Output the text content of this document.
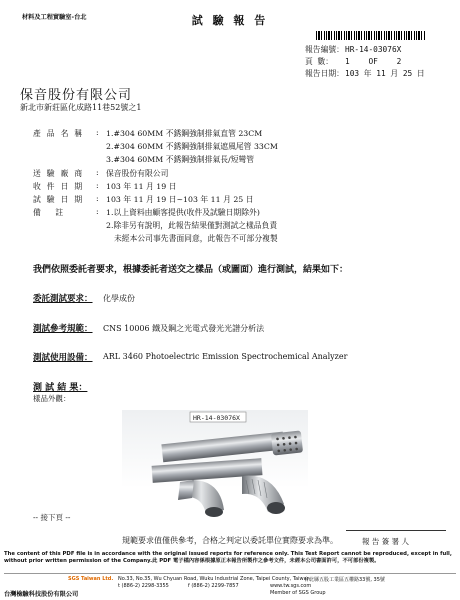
材料及工程實驗室-台北	試 驗 報 告
報告編號：HR-14-03076X
頁 數： 1    OF    2
報告日期：103 年 11 月 25 日
保音股份有限公司
新北市新莊區化成路11巷52號之1
產品名稱	: 1.#304 60MM 不銹鋼強制排氣直管 23CM
2.#304 60MM 不銹鋼強制排氣遮風尾管 33CM
3.#304 60MM 不銹鋼強制排氣長/短彎管
送驗廠商	: 保音股份有限公司
收件日期	: 103 年 11 月 19 日
試驗日期	: 103 年 11 月 19 日~103 年 11 月 25 日
備 註	: 1.以上資料由顧客提供(收件及試驗日期除外)
2.除非另有說明，此報告結果僅對測試之樣品負責
未經本公司事先書面同意，此報告不可部分複製
我們依照委託者要求，根據委託者送交之樣品（或圖面）進行測試，結果如下：
委託測試要求： 化學成份
測試參考規範： CNS 10006 鐵及鋼之光電式發光光譜分析法
測試使用設備： ARL 3460 Photoelectric Emission Spectrochemical Analyzer
測 試 結 果：
樣品外觀：
HR-14-03076X
-- 接下頁 --
規範要求值僅供參考，合格之判定以委託單位實際要求為準。	報 告 簽 署 人
The content of this PDF file is in accordance with the original issued reports for reference only. This Test Report cannot be reproduced, except in full, without prior written permission of the Company.此 PDF 電子檔內容係根據原正本報告所製作之參考文件，未經本公司書面許可，不可部份複製。
SGS Taiwan Ltd. No.33, No.35, Wu Chyuan Road, Wuku Industrial Zone, Taipei County, Taiwan
台北縣五股工業區五權路33號, 35號
t (886-2) 2298-3355	f (886-2) 2299-7857	www.tw.sgs.com
Member of SGS Group
台灣檢驗科技股份有限公司
